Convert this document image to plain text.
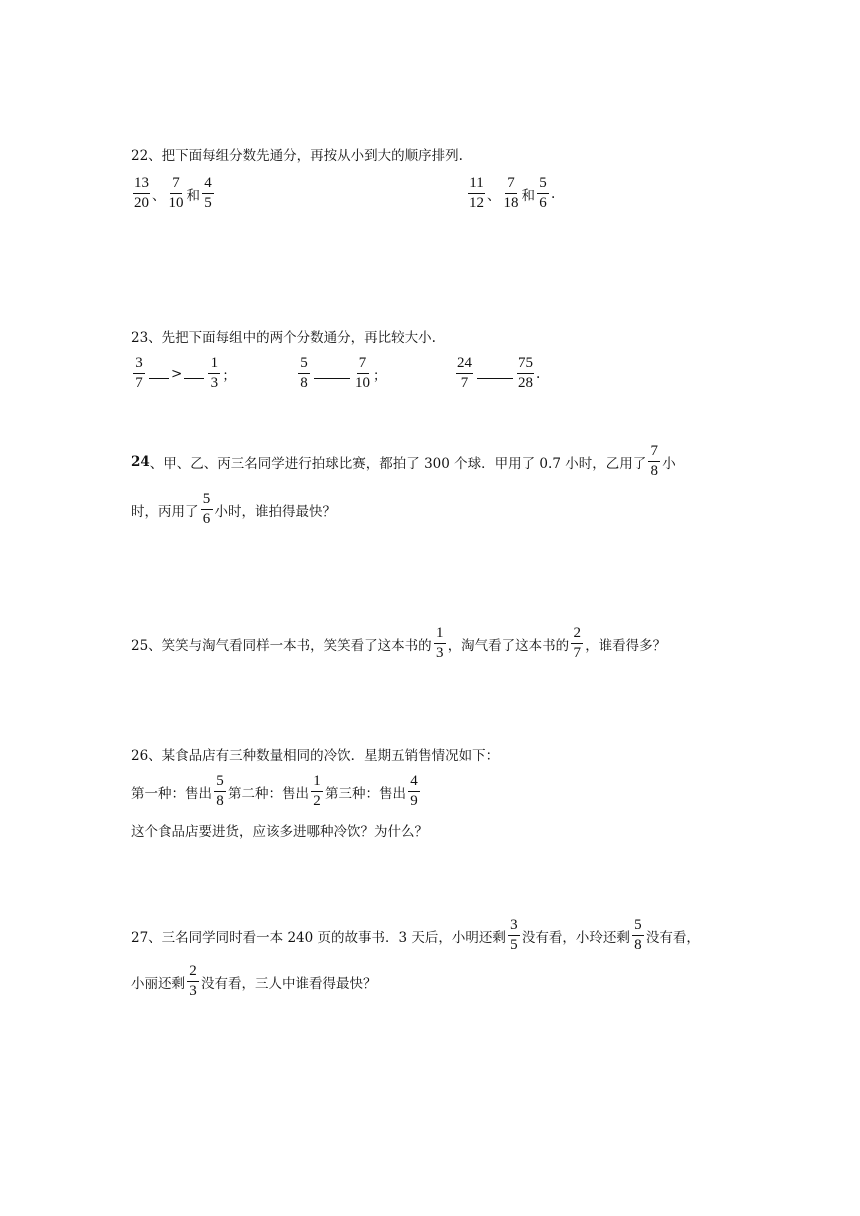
22、把下面每组分数先通分，再按从小到大的顺序排列.
$\frac{13}{20}$ 、 $\frac{7}{10}$ 和 $\frac{4}{5}$	$\frac{11}{12}$ 、 $\frac{7}{18}$ 和 $\frac{5}{6}$ .
23、先把下面每组中的两个分数通分，再比较大小.
$\frac{3}{7} > \frac{1}{3}$ ；	$\frac{5}{8}$	$\frac{7}{10}$ ；	$\frac{24}{7}$	$\frac{75}{28}$ .
24 、甲、乙、丙三名同学进行拍球比赛，都拍了 300 个球．甲用了 0.7 小时，乙用了 $\frac{7}{8}$ 小
时，丙用了 $\frac{5}{6}$ 小时，谁拍得最快？
25、笑笑与淘气看同样一本书，笑笑看了这本书的 $\frac{1}{3}$ ，淘气看了这本书的 $\frac{2}{7}$ ，谁看得多？
26、某食品店有三种数量相同的冷饮．星期五销售情况如下：
第一种：售出 $\frac{5}{8}$ 第二种：售出 $\frac{1}{2}$ 第三种：售出 $\frac{4}{9}$
这个食品店要进货，应该多进哪种冷饮？为什么？
27、三名同学同时看一本 240 页的故事书．3 天后，小明还剩 $\frac{3}{5}$ 没有看，小玲还剩 $\frac{5}{8}$ 没有看，
小丽还剩 $\frac{2}{3}$ 没有看，三人中谁看得最快？
